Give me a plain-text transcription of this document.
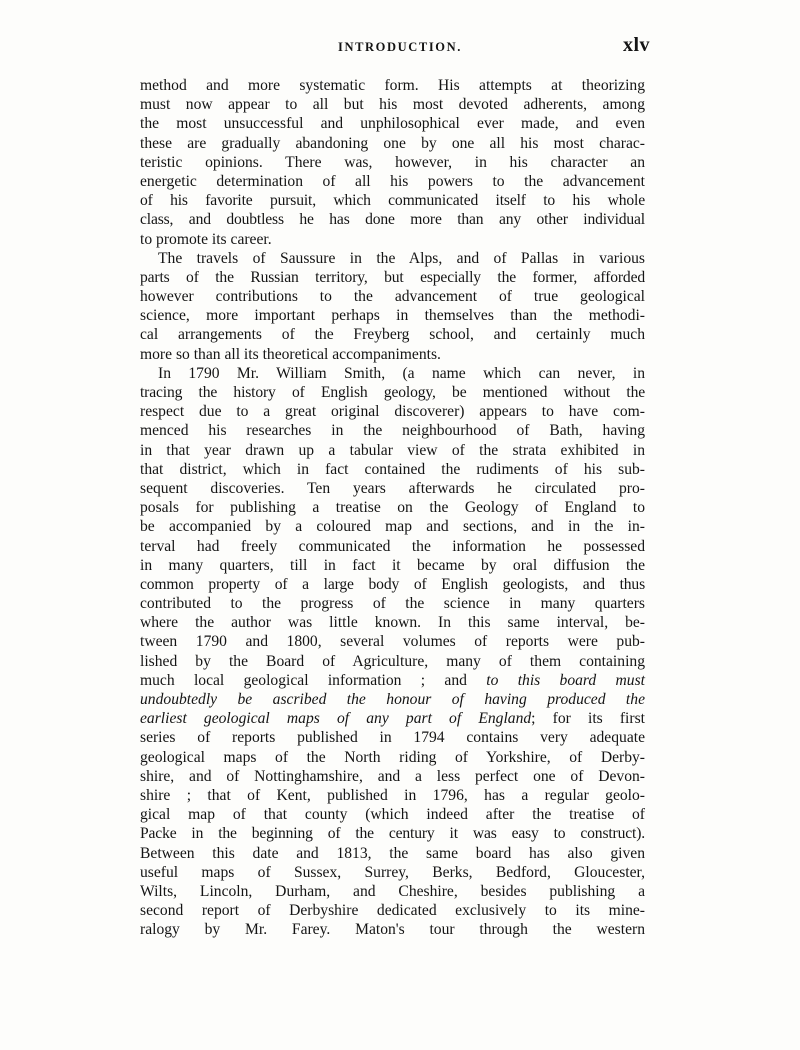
INTRODUCTION.	xlv
method and more systematic form. His attempts at theorizing
must now appear to all but his most devoted adherents, among
the most unsuccessful and unphilosophical ever made, and even
these are gradually abandoning one by one all his most charac-
teristic opinions. There was, however, in his character an
energetic determination of all his powers to the advancement
of his favorite pursuit, which communicated itself to his whole
class, and doubtless he has done more than any other individual
to promote its career.
The travels of Saussure in the Alps, and of Pallas in various
parts of the Russian territory, but especially the former, afforded
however contributions to the advancement of true geological
science, more important perhaps in themselves than the methodi-
cal arrangements of the Freyberg school, and certainly much
more so than all its theoretical accompaniments.
In 1790 Mr. William Smith, (a name which can never, in
tracing the history of English geology, be mentioned without the
respect due to a great original discoverer) appears to have com-
menced his researches in the neighbourhood of Bath, having
in that year drawn up a tabular view of the strata exhibited in
that district, which in fact contained the rudiments of his sub-
sequent discoveries. Ten years afterwards he circulated pro-
posals for publishing a treatise on the Geology of England to
be accompanied by a coloured map and sections, and in the in-
terval had freely communicated the information he possessed
in many quarters, till in fact it became by oral diffusion the
common property of a large body of English geologists, and thus
contributed to the progress of the science in many quarters
where the author was little known. In this same interval, be-
tween 1790 and 1800, several volumes of reports were pub-
lished by the Board of Agriculture, many of them containing
much local geological information ; and to this board must
undoubtedly be ascribed the honour of having produced the
earliest geological maps of any part of England; for its first
series of reports published in 1794 contains very adequate
geological maps of the North riding of Yorkshire, of Derby-
shire, and of Nottinghamshire, and a less perfect one of Devon-
shire ; that of Kent, published in 1796, has a regular geolo-
gical map of that county (which indeed after the treatise of
Packe in the beginning of the century it was easy to construct).
Between this date and 1813, the same board has also given
useful maps of Sussex, Surrey, Berks, Bedford, Gloucester,
Wilts, Lincoln, Durham, and Cheshire, besides publishing a
second report of Derbyshire dedicated exclusively to its mine-
ralogy by Mr. Farey. Maton's tour through the western
